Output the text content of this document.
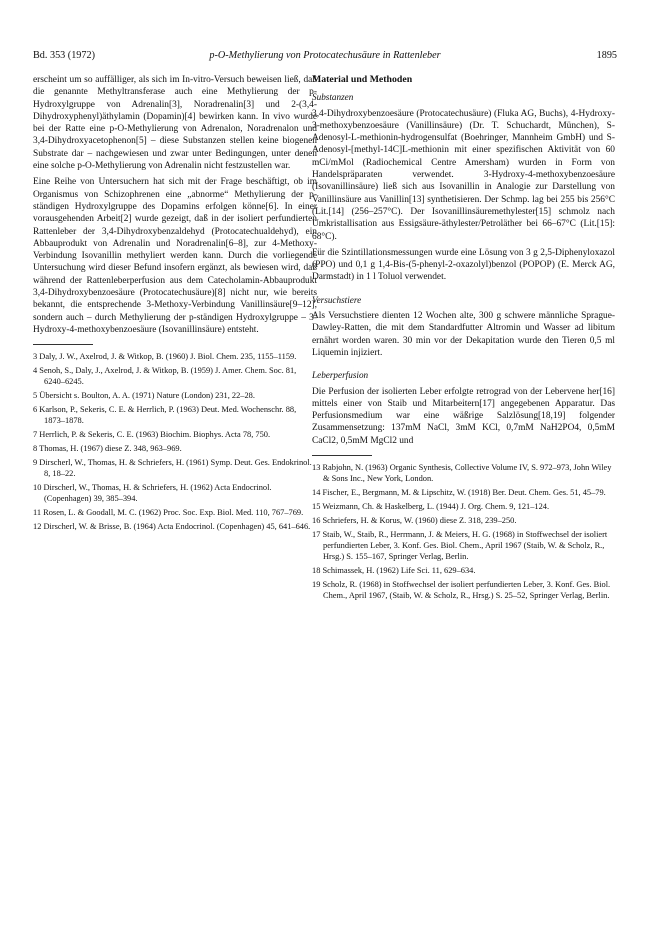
Bd. 353 (1972)	p-O-Methylierung von Protocatechusäure in Rattenleber	1895

erscheint um so auffälliger, als sich im In-vitro-Versuch beweisen ließ, daß die genannte Methyltransferase auch eine Methylierung der p-Hydroxylgruppe von Adrenalin[3], Noradrenalin[3] und 2-(3,4-Dihydroxyphenyl)äthylamin (Dopamin)[4] bewirken kann. In vivo wurde bei der Ratte eine p-O-Methylierung von Adrenalon, Noradrenalon und 3,4-Dihydroxyacetophenon[5] – diese Substanzen stellen keine biogenen Substrate dar – nachgewiesen und zwar unter Bedingungen, unter denen eine solche p-O-Methylierung von Adrenalin nicht festzustellen war.

Eine Reihe von Untersuchern hat sich mit der Frage beschäftigt, ob im Organismus von Schizophrenen eine „abnorme“ Methylierung der p-ständigen Hydroxylgruppe des Dopamins erfolgen könne[6]. In einer vorausgehenden Arbeit[2] wurde gezeigt, daß in der isoliert perfundierten Rattenleber der 3,4-Dihydroxybenzaldehyd (Protocatechualdehyd), ein Abbauprodukt von Adrenalin und Noradrenalin[6–8], zur 4-Methoxy-Verbindung Isovanillin methyliert werden kann. Durch die vorliegende Untersuchung wird dieser Befund insofern ergänzt, als bewiesen wird, daß während der Rattenleberperfusion aus dem Catecholamin-Abbauprodukt 3,4-Dihydroxybenzoesäure (Protocatechusäure)[8] nicht nur, wie bereits bekannt, die entsprechende 3-Methoxy-Verbindung Vanillinsäure[9–12], sondern auch – durch Methylierung der p-ständigen Hydroxylgruppe – 3-Hydroxy-4-methoxybenzoesäure (Isovanillinsäure) entsteht.

3 Daly, J. W., Axelrod, J. & Witkop, B. (1960) J. Biol. Chem. 235, 1155–1159.

4 Senoh, S., Daly, J., Axelrod, J. & Witkop, B. (1959) J. Amer. Chem. Soc. 81, 6240–6245.

5 Übersicht s. Boulton, A. A. (1971) Nature (London) 231, 22–28.

6 Karlson, P., Sekeris, C. E. & Herrlich, P. (1963) Deut. Med. Wochenschr. 88, 1873–1878.

7 Herrlich, P. & Sekeris, C. E. (1963) Biochim. Biophys. Acta 78, 750.

8 Thomas, H. (1967) diese Z. 348, 963–969.

9 Dirscherl, W., Thomas, H. & Schriefers, H. (1961) Symp. Deut. Ges. Endokrinol. 8, 18–22.

10 Dirscherl, W., Thomas, H. & Schriefers, H. (1962) Acta Endocrinol. (Copenhagen) 39, 385–394.

11 Rosen, L. & Goodall, M. C. (1962) Proc. Soc. Exp. Biol. Med. 110, 767–769.

12 Dirscherl, W. & Brisse, B. (1964) Acta Endocrinol. (Copenhagen) 45, 641–646.

Material und Methoden
Substanzen

3,4-Dihydroxybenzoesäure (Protocatechusäure) (Fluka AG, Buchs), 4-Hydroxy-3-methoxybenzoesäure (Vanillinsäure) (Dr. T. Schuchardt, München), S-Adenosyl-L-methionin-hydrogensulfat (Boehringer, Mannheim GmbH) und S-Adenosyl-[methyl-14C]L-methionin mit einer spezifischen Aktivität von 60 mCi/mMol (Radiochemical Centre Amersham) wurden in Form von Handelspräparaten verwendet. 3-Hydroxy-4-methoxybenzoesäure (Isovanillinsäure) ließ sich aus Isovanillin in Analogie zur Darstellung von Vanillinsäure aus Vanillin[13] synthetisieren. Der Schmp. lag bei 255 bis 256°C (Lit.[14] (256–257°C). Der Isovanillinsäuremethylester[15] schmolz nach Umkristallisation aus Essigsäure-äthylester/Petroläther bei 66–67°C (Lit.[15]: 68°C).

Für die Szintillationsmessungen wurde eine Lösung von 3 g 2,5-Diphenyloxazol (PPO) und 0,1 g 1,4-Bis-(5-phenyl-2-oxazolyl)benzol (POPOP) (E. Merck AG, Darmstadt) in 1 l Toluol verwendet.

Versuchstiere

Als Versuchstiere dienten 12 Wochen alte, 300 g schwere männliche Sprague-Dawley-Ratten, die mit dem Standardfutter Altromin und Wasser ad libitum ernährt worden waren. 30 min vor der Dekapitation wurde den Tieren 0,5 ml Liquemin injiziert.

Leberperfusion

Die Perfusion der isolierten Leber erfolgte retrograd von der Lebervene her[16] mittels einer von Staib und Mitarbeitern[17] angegebenen Apparatur. Das Perfusionsmedium war eine wäßrige Salzlösung[18,19] folgender Zusammensetzung: 137mM NaCl, 3mM KCl, 0,7mM NaH2PO4, 0,5mM CaCl2, 0,5mM MgCl2 und

13 Rabjohn, N. (1963) Organic Synthesis, Collective Volume IV, S. 972–973, John Wiley & Sons Inc., New York, London.

14 Fischer, E., Bergmann, M. & Lipschitz, W. (1918) Ber. Deut. Chem. Ges. 51, 45–79.

15 Weizmann, Ch. & Haskelberg, L. (1944) J. Org. Chem. 9, 121–124.

16 Schriefers, H. & Korus, W. (1960) diese Z. 318, 239–250.

17 Staib, W., Staib, R., Herrmann, J. & Meiers, H. G. (1968) in Stoffwechsel der isoliert perfundierten Leber, 3. Konf. Ges. Biol. Chem., April 1967 (Staib, W. & Scholz, R., Hrsg.) S. 155–167, Springer Verlag, Berlin.

18 Schimassek, H. (1962) Life Sci. 11, 629–634.

19 Scholz, R. (1968) in Stoffwechsel der isoliert perfundierten Leber, 3. Konf. Ges. Biol. Chem., April 1967, (Staib, W. & Scholz, R., Hrsg.) S. 25–52, Springer Verlag, Berlin.
